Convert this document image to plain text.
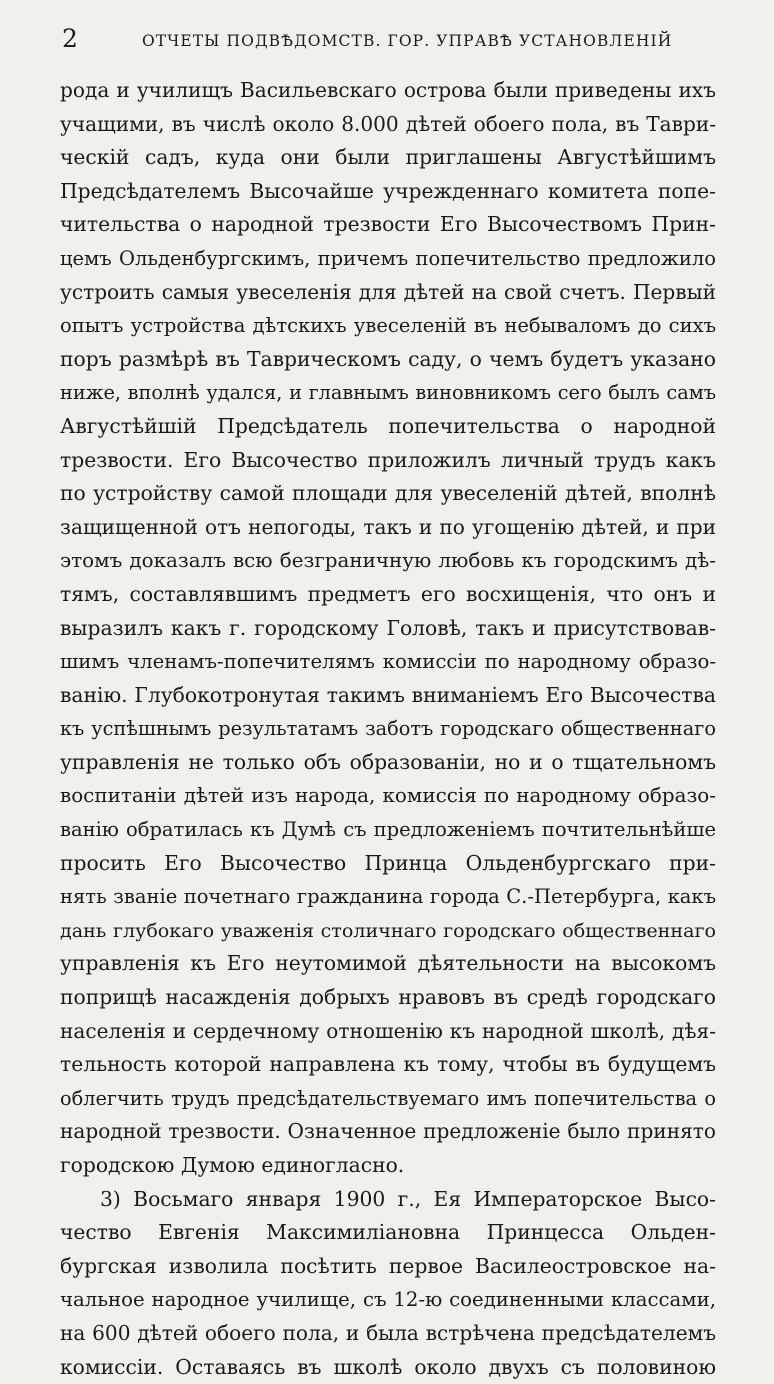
2	ОТЧЕТЫ ПОДВѢДОМСТВ. ГОР. УПРАВѢ УСТАНОВЛЕНІЙ
рода и училищъ Васильевскаго острова были приведены ихъ
учащими, въ числѣ около 8.000 дѣтей обоего пола, въ Таври-
ческій садъ, куда они были приглашены Августѣйшимъ
Предсѣдателемъ Высочайше учрежденнаго комитета попе-
чительства о народной трезвости Его Высочествомъ Прин-
цемъ Ольденбургскимъ, причемъ попечительство предложило
устроить самыя увеселенія для дѣтей на свой счетъ. Первый
опытъ устройства дѣтскихъ увеселеній въ небываломъ до сихъ
поръ размѣрѣ въ Таврическомъ саду, о чемъ будетъ указано
ниже, вполнѣ удался, и главнымъ виновникомъ сего былъ самъ
Августѣйшій Предсѣдатель попечительства о народной
трезвости. Его Высочество приложилъ личный трудъ какъ
по устройству самой площади для увеселеній дѣтей, вполнѣ
защищенной отъ непогоды, такъ и по угощенію дѣтей, и при
этомъ доказалъ всю безграничную любовь къ городскимъ дѣ-
тямъ, составлявшимъ предметъ его восхищенія, что онъ и
выразилъ какъ г. городскому Головѣ, такъ и присутствовав-
шимъ членамъ-попечителямъ комиссіи по народному образо-
ванію. Глубокотронутая такимъ вниманіемъ Его Высочества
къ успѣшнымъ результатамъ заботъ городскаго общественнаго
управленія не только объ образованіи, но и о тщательномъ
воспитаніи дѣтей изъ народа, комиссія по народному образо-
ванію обратилась къ Думѣ съ предложеніемъ почтительнѣйше
просить Его Высочество Принца Ольденбургскаго при-
нять званіе почетнаго гражданина города С.-Петербурга, какъ
дань глубокаго уваженія столичнаго городскаго общественнаго
управленія къ Его неутомимой дѣятельности на высокомъ
поприщѣ насажденія добрыхъ нравовъ въ средѣ городскаго
населенія и сердечному отношенію къ народной школѣ, дѣя-
тельность которой направлена къ тому, чтобы въ будущемъ
облегчить трудъ предсѣдательствуемаго имъ попечительства о
народной трезвости. Означенное предложеніе было принято
городскою Думою единогласно.
3) Восьмаго января 1900 г., Ея Императорское Высо-
чество Евгенія Максимиліановна Принцесса Ольден-
бургская изволила посѣтить первое Василеостровское на-
чальное народное училище, съ 12-ю соединенными классами,
на 600 дѣтей обоего пола, и была встрѣчена предсѣдателемъ
комиссіи. Оставаясь въ школѣ около двухъ съ половиною
